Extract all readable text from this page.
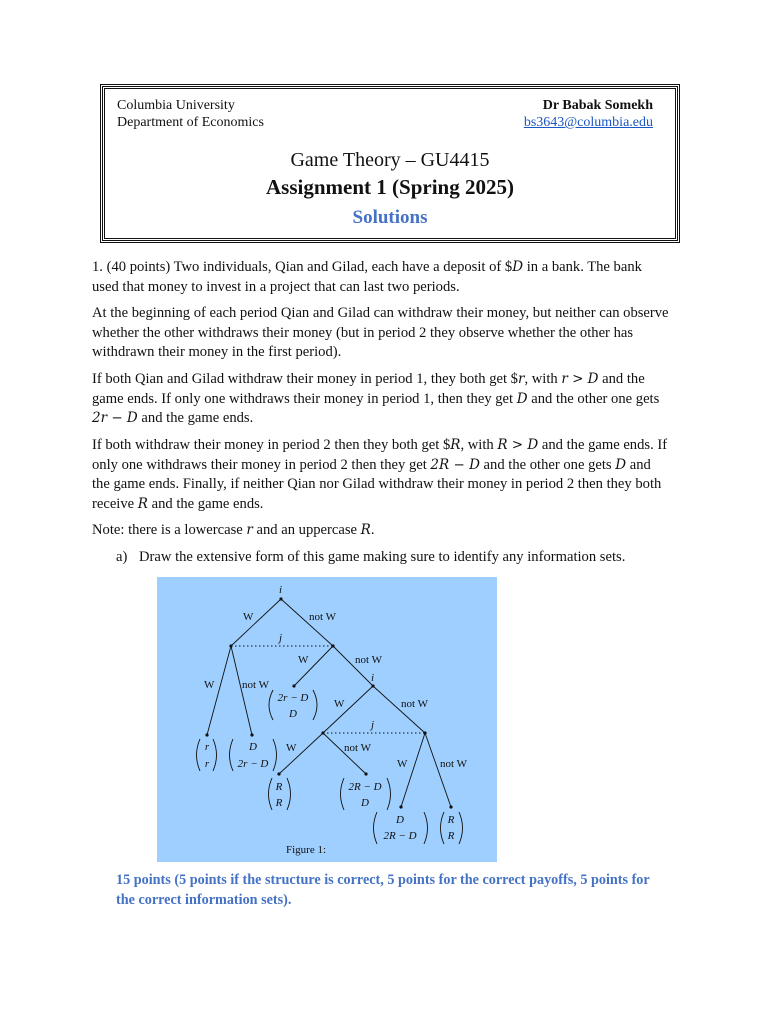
Columbia University
Department of Economics
Dr Babak Somekh
bs3643@columbia.edu
Game Theory – GU4415
Assignment 1 (Spring 2025)
Solutions

1. (40 points) Two individuals, Qian and Gilad, each have a deposit of $D in a bank. The bank used that money to invest in a project that can last two periods.

At the beginning of each period Qian and Gilad can withdraw their money, but neither can observe whether the other withdraws their money (but in period 2 they observe whether the other has withdrawn their money in the first period).

If both Qian and Gilad withdraw their money in period 1, they both get $r, with r > D and the game ends. If only one withdraws their money in period 1, then they get D and the other one gets 2r − D and the game ends.

If both withdraw their money in period 2 then they both get $R, with R > D and the game ends. If only one withdraws their money in period 2 then they get 2R − D and the other one gets D and the game ends. Finally, if neither Qian nor Gilad withdraw their money in period 2 then they both receive R and the game ends.

Note: there is a lowercase r and an uppercase R.

a) Draw the extensive form of this game making sure to identify any information sets.
i
j
i
j
W	not W
W	not W
W	not W
W	not W
W	not W
W	not W
2r − D
D
r
r
D
2r − D
R
R
2R − D
D
D
2R − D
R
R
Figure 1:
15 points (5 points if the structure is correct, 5 points for the correct payoffs, 5 points for the correct information sets).
